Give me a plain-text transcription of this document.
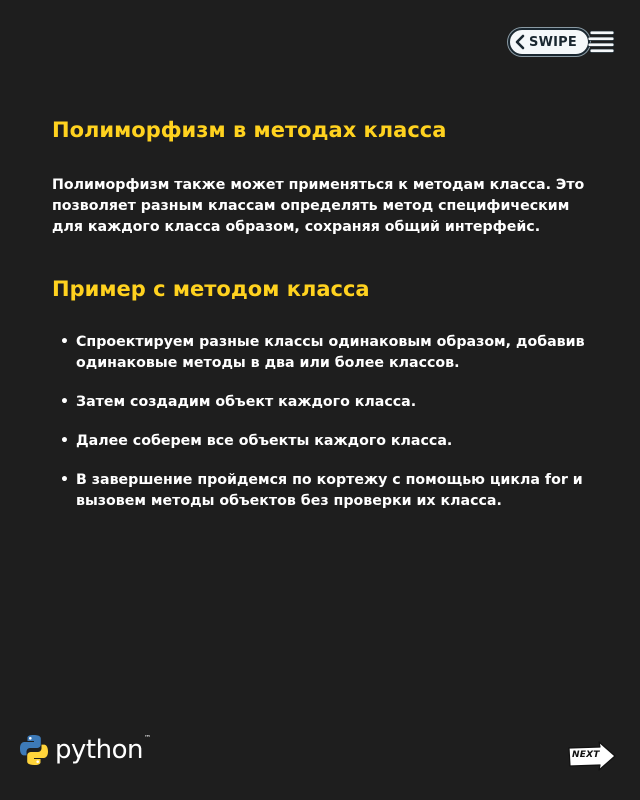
SWIPE
Полиморфизм в методах класса

Полиморфизм также может применяться к методам класса. Это позволяет разным классам определять метод специфическим для каждого класса образом, сохраняя общий интерфейс.

Пример с методом класса
• Спроектируем разные классы одинаковым образом, добавив одинаковые методы в два или более классов.
• Затем создадим объект каждого класса.
• Далее соберем все объекты каждого класса.
• В завершение пройдемся по кортежу с помощью цикла for и вызовем методы объектов без проверки их класса.
python ™
NEXT
